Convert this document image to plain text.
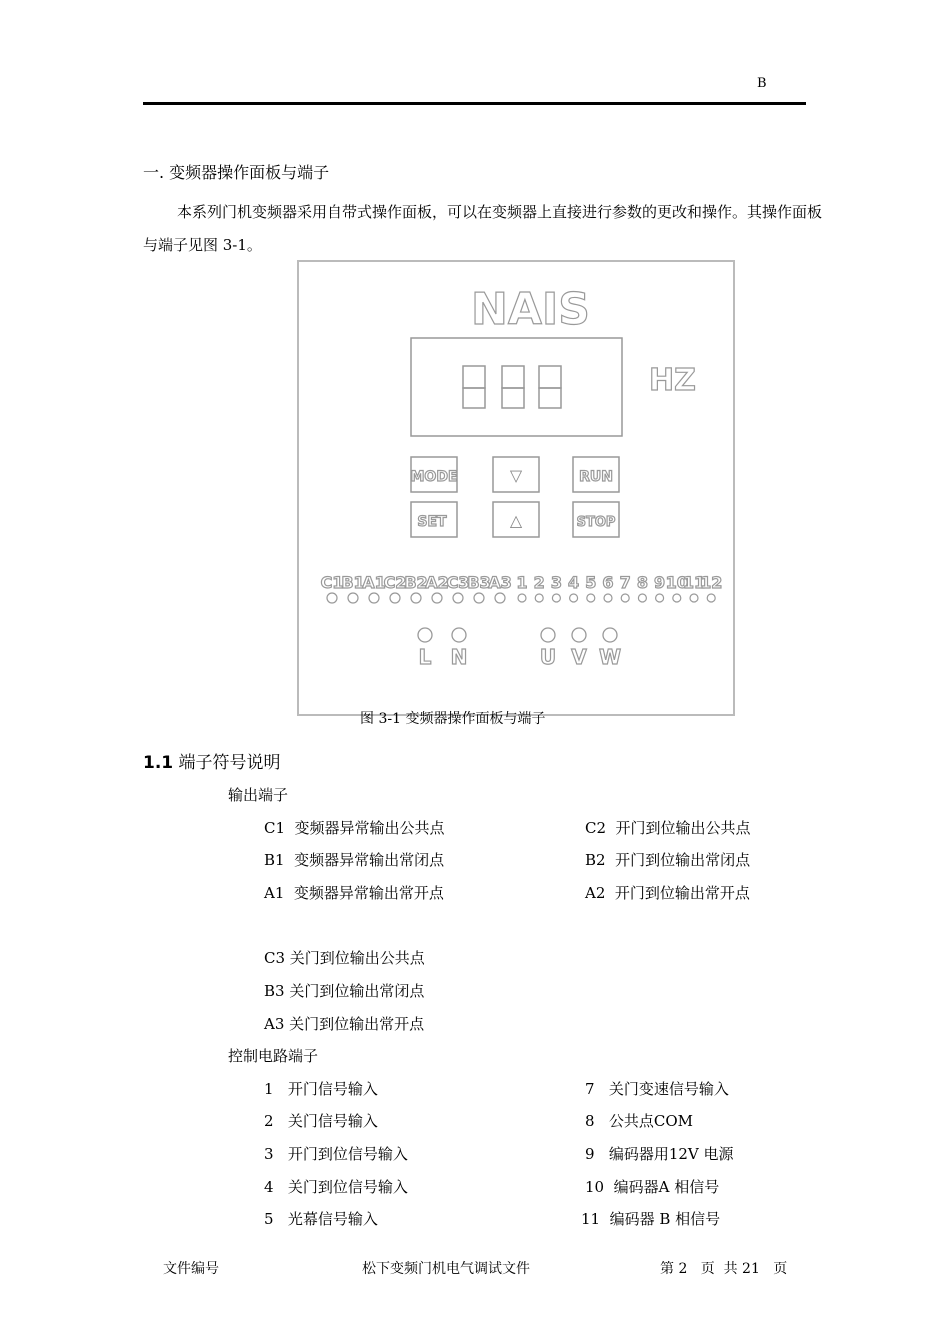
B
一. 变频器操作面板与端子
本系列门机变频器采用自带式操作面板，可以在变频器上直接进行参数的更改和操作。其操作面板与端子见图 3-1。
NAIS
HZ
MODE	▽	RUN
SET	△	STOP
C1
B1
A1
C2
B2
A2
C3
B3
A3 1 2 3 4 5 6 7 8 9 10
11
12
L N	U V W
图 3-1 变频器操作面板与端子
1.1 端子符号说明
输出端子
C1  变频器异常输出公共点	C2  开门到位输出公共点
B1  变频器异常输出常闭点	B2  开门到位输出常闭点
A1  变频器异常输出常开点	A2  开门到位输出常开点
C3 关门到位输出公共点
B3 关门到位输出常闭点
A3 关门到位输出常开点
控制电路端子
1   开门信号输入	7   关门变速信号输入
2   关门信号输入	8   公共点COM
3   开门到位信号输入	9   编码器用12V 电源
4   关门到位信号输入	10  编码器A 相信号
5   光幕信号输入	11  编码器 B 相信号
文件编号	松下变频门机电气调试文件	第 2   页  共 21   页
